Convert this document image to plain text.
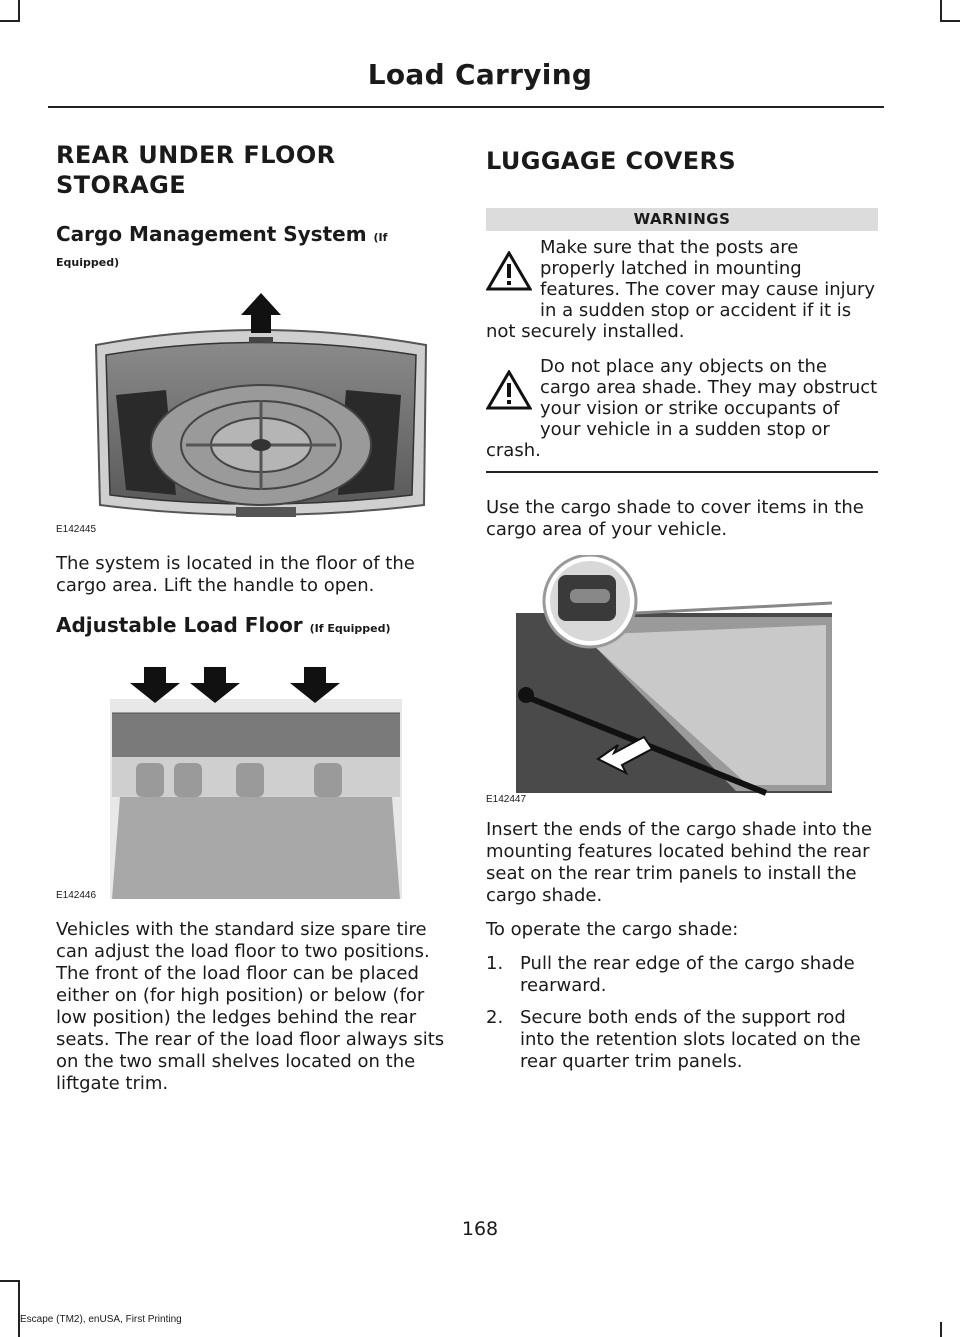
Load Carrying
REAR UNDER FLOOR
STORAGE
Cargo Management System (If
Equipped)
E142445

The system is located in the floor of the cargo area. Lift the handle to open.

Adjustable Load Floor (If Equipped)
E142446

Vehicles with the standard size spare tire can adjust the load floor to two positions. The front of the load floor can be placed either on (for high position) or below (for low position) the ledges behind the rear seats. The rear of the load floor always sits on the two small shelves located on the liftgate trim.

LUGGAGE COVERS
WARNINGS
Make sure that the posts are properly latched in mounting features. The cover may cause injury in a sudden stop or accident if it is not securely installed.
Do not place any objects on the cargo area shade. They may obstruct your vision or strike occupants of your vehicle in a sudden stop or crash.

Use the cargo shade to cover items in the cargo area of your vehicle.

E142447

Insert the ends of the cargo shade into the mounting features located behind the rear seat on the rear trim panels to install the cargo shade.

To operate the cargo shade:

1. Pull the rear edge of the cargo shade rearward.
2. Secure both ends of the support rod into the retention slots located on the rear quarter trim panels.
168
Escape (TM2), enUSA, First Printing
